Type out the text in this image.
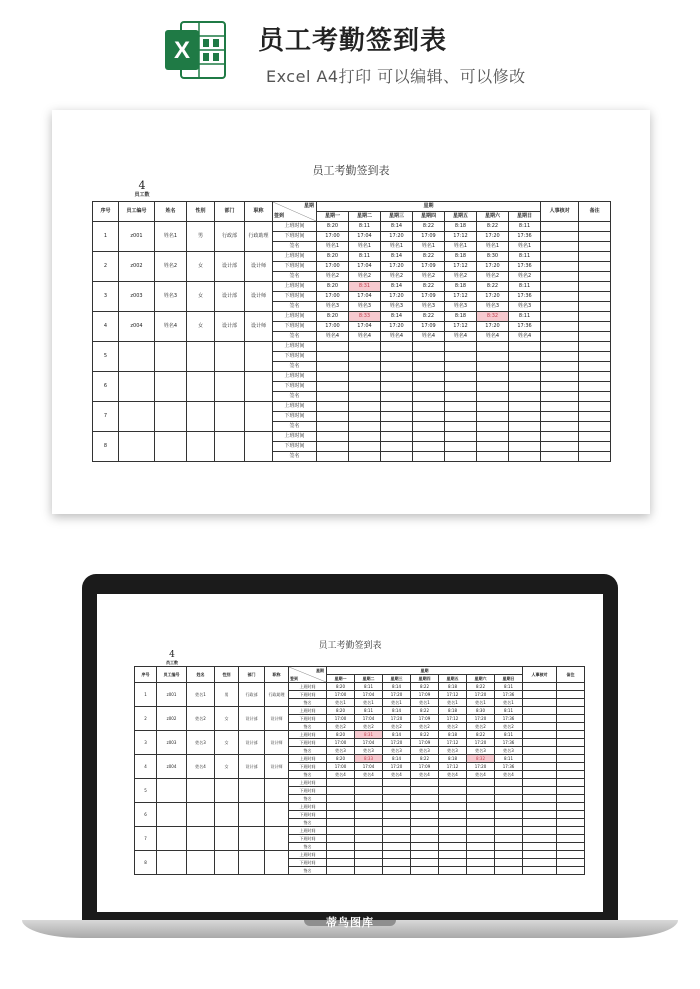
X	员工考勤签到表
Excel A4打印 可以编辑、可以修改
员工考勤签到表
4
员工数
序号	员工编号	姓名	性别	部门	职称	星期
签到	星期							人事核对	备注
							星期一	星期二	星期三	星期四	星期五	星期六	星期日		
1	z001	姓名1	男	行政部	行政助理	上班时间	8:20	8:11	8:14	8:22	8:18	8:22	8:11		
						下班时间	17:00	17:04	17:20	17:09	17:12	17:20	17:36		
						签名	姓名1	姓名1	姓名1	姓名1	姓名1	姓名1	姓名1		
2	z002	姓名2	女	设计部	设计师	上班时间	8:20	8:11	8:14	8:22	8:18	8:30	8:11		
						下班时间	17:00	17:04	17:20	17:09	17:12	17:20	17:36		
						签名	姓名2	姓名2	姓名2	姓名2	姓名2	姓名2	姓名2		
3	z003	姓名3	女	设计部	设计师	上班时间	8:20	8:31	8:14	8:22	8:18	8:22	8:11		
						下班时间	17:00	17:04	17:20	17:09	17:12	17:20	17:36		
						签名	姓名3	姓名3	姓名3	姓名3	姓名3	姓名3	姓名3		
4	z004	姓名4	女	设计部	设计师	上班时间	8:20	8:33	8:14	8:22	8:18	8:32	8:11		
						下班时间	17:00	17:04	17:20	17:09	17:12	17:20	17:36		
						签名	姓名4	姓名4	姓名4	姓名4	姓名4	姓名4	姓名4		
5						上班时间									
						下班时间									
						签名									
6						上班时间									
						下班时间									
						签名									
7						上班时间									
						下班时间									
						签名									
8						上班时间									
						下班时间									
						签名									
员工考勤签到表
4
员工数
序号	员工编号	姓名	性别	部门	职称	星期
签到	星期							人事核对	备注
							星期一	星期二	星期三	星期四	星期五	星期六	星期日		
1	z001	姓名1	男	行政部	行政助理	上班时间	8:20	8:11	8:14	8:22	8:18	8:22	8:11		
						下班时间	17:00	17:04	17:20	17:09	17:12	17:20	17:36		
						签名	姓名1	姓名1	姓名1	姓名1	姓名1	姓名1	姓名1		
2	z002	姓名2	女	设计部	设计师	上班时间	8:20	8:11	8:14	8:22	8:18	8:30	8:11		
						下班时间	17:00	17:04	17:20	17:09	17:12	17:20	17:36		
						签名	姓名2	姓名2	姓名2	姓名2	姓名2	姓名2	姓名2		
3	z003	姓名3	女	设计部	设计师	上班时间	8:20	8:31	8:14	8:22	8:18	8:22	8:11		
						下班时间	17:00	17:04	17:20	17:09	17:12	17:20	17:36		
						签名	姓名3	姓名3	姓名3	姓名3	姓名3	姓名3	姓名3		
4	z004	姓名4	女	设计部	设计师	上班时间	8:20	8:33	8:14	8:22	8:18	8:32	8:11		
						下班时间	17:00	17:04	17:20	17:09	17:12	17:20	17:36		
						签名	姓名4	姓名4	姓名4	姓名4	姓名4	姓名4	姓名4		
5						上班时间									
						下班时间									
						签名									
6						上班时间									
						下班时间									
						签名									
7						上班时间									
						下班时间									
						签名									
8						上班时间									
						下班时间									
						签名									
蒂鸟图库
